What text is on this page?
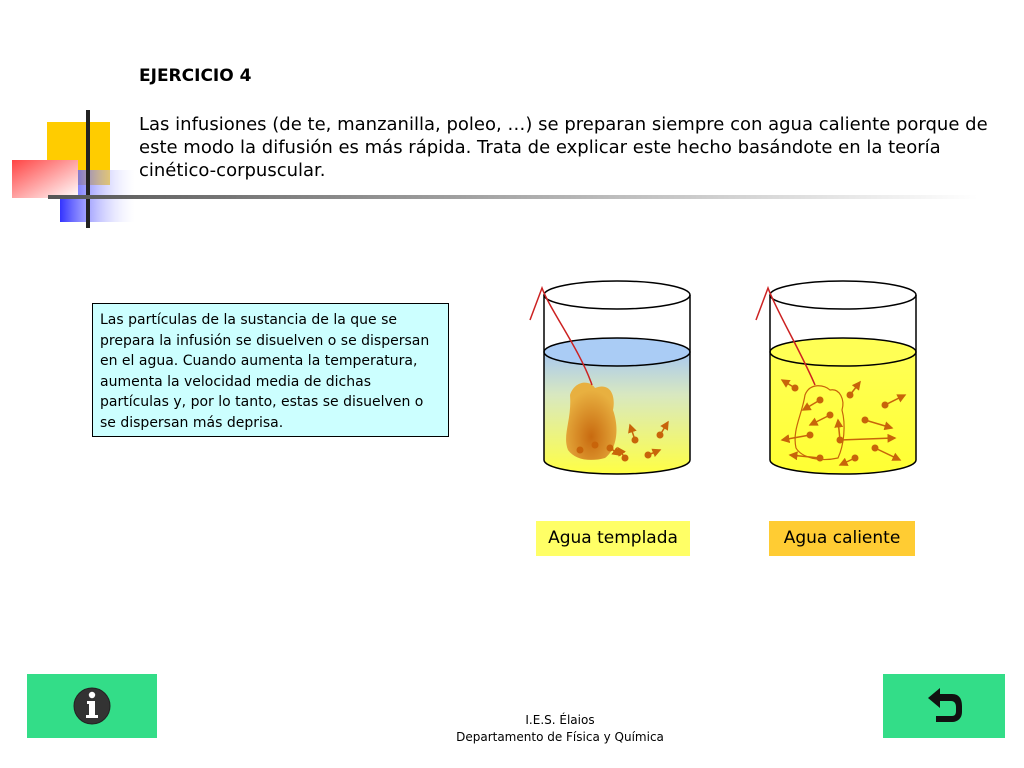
EJERCICIO 4

Las infusiones (de te, manzanilla, poleo, …) se preparan siempre con agua caliente porque de este modo la difusión es más rápida. Trata de explicar este hecho basándote en la teoría cinético-corpuscular.

Las partículas de la sustancia de la que se prepara la infusión se disuelven o se dispersan en el agua. Cuando aumenta la temperatura, aumenta la velocidad media de dichas partículas y, por lo tanto, estas se disuelven o se dispersan más deprisa.
Agua templada	Agua caliente
I.E.S. Élaios
Departamento de Física y Química
